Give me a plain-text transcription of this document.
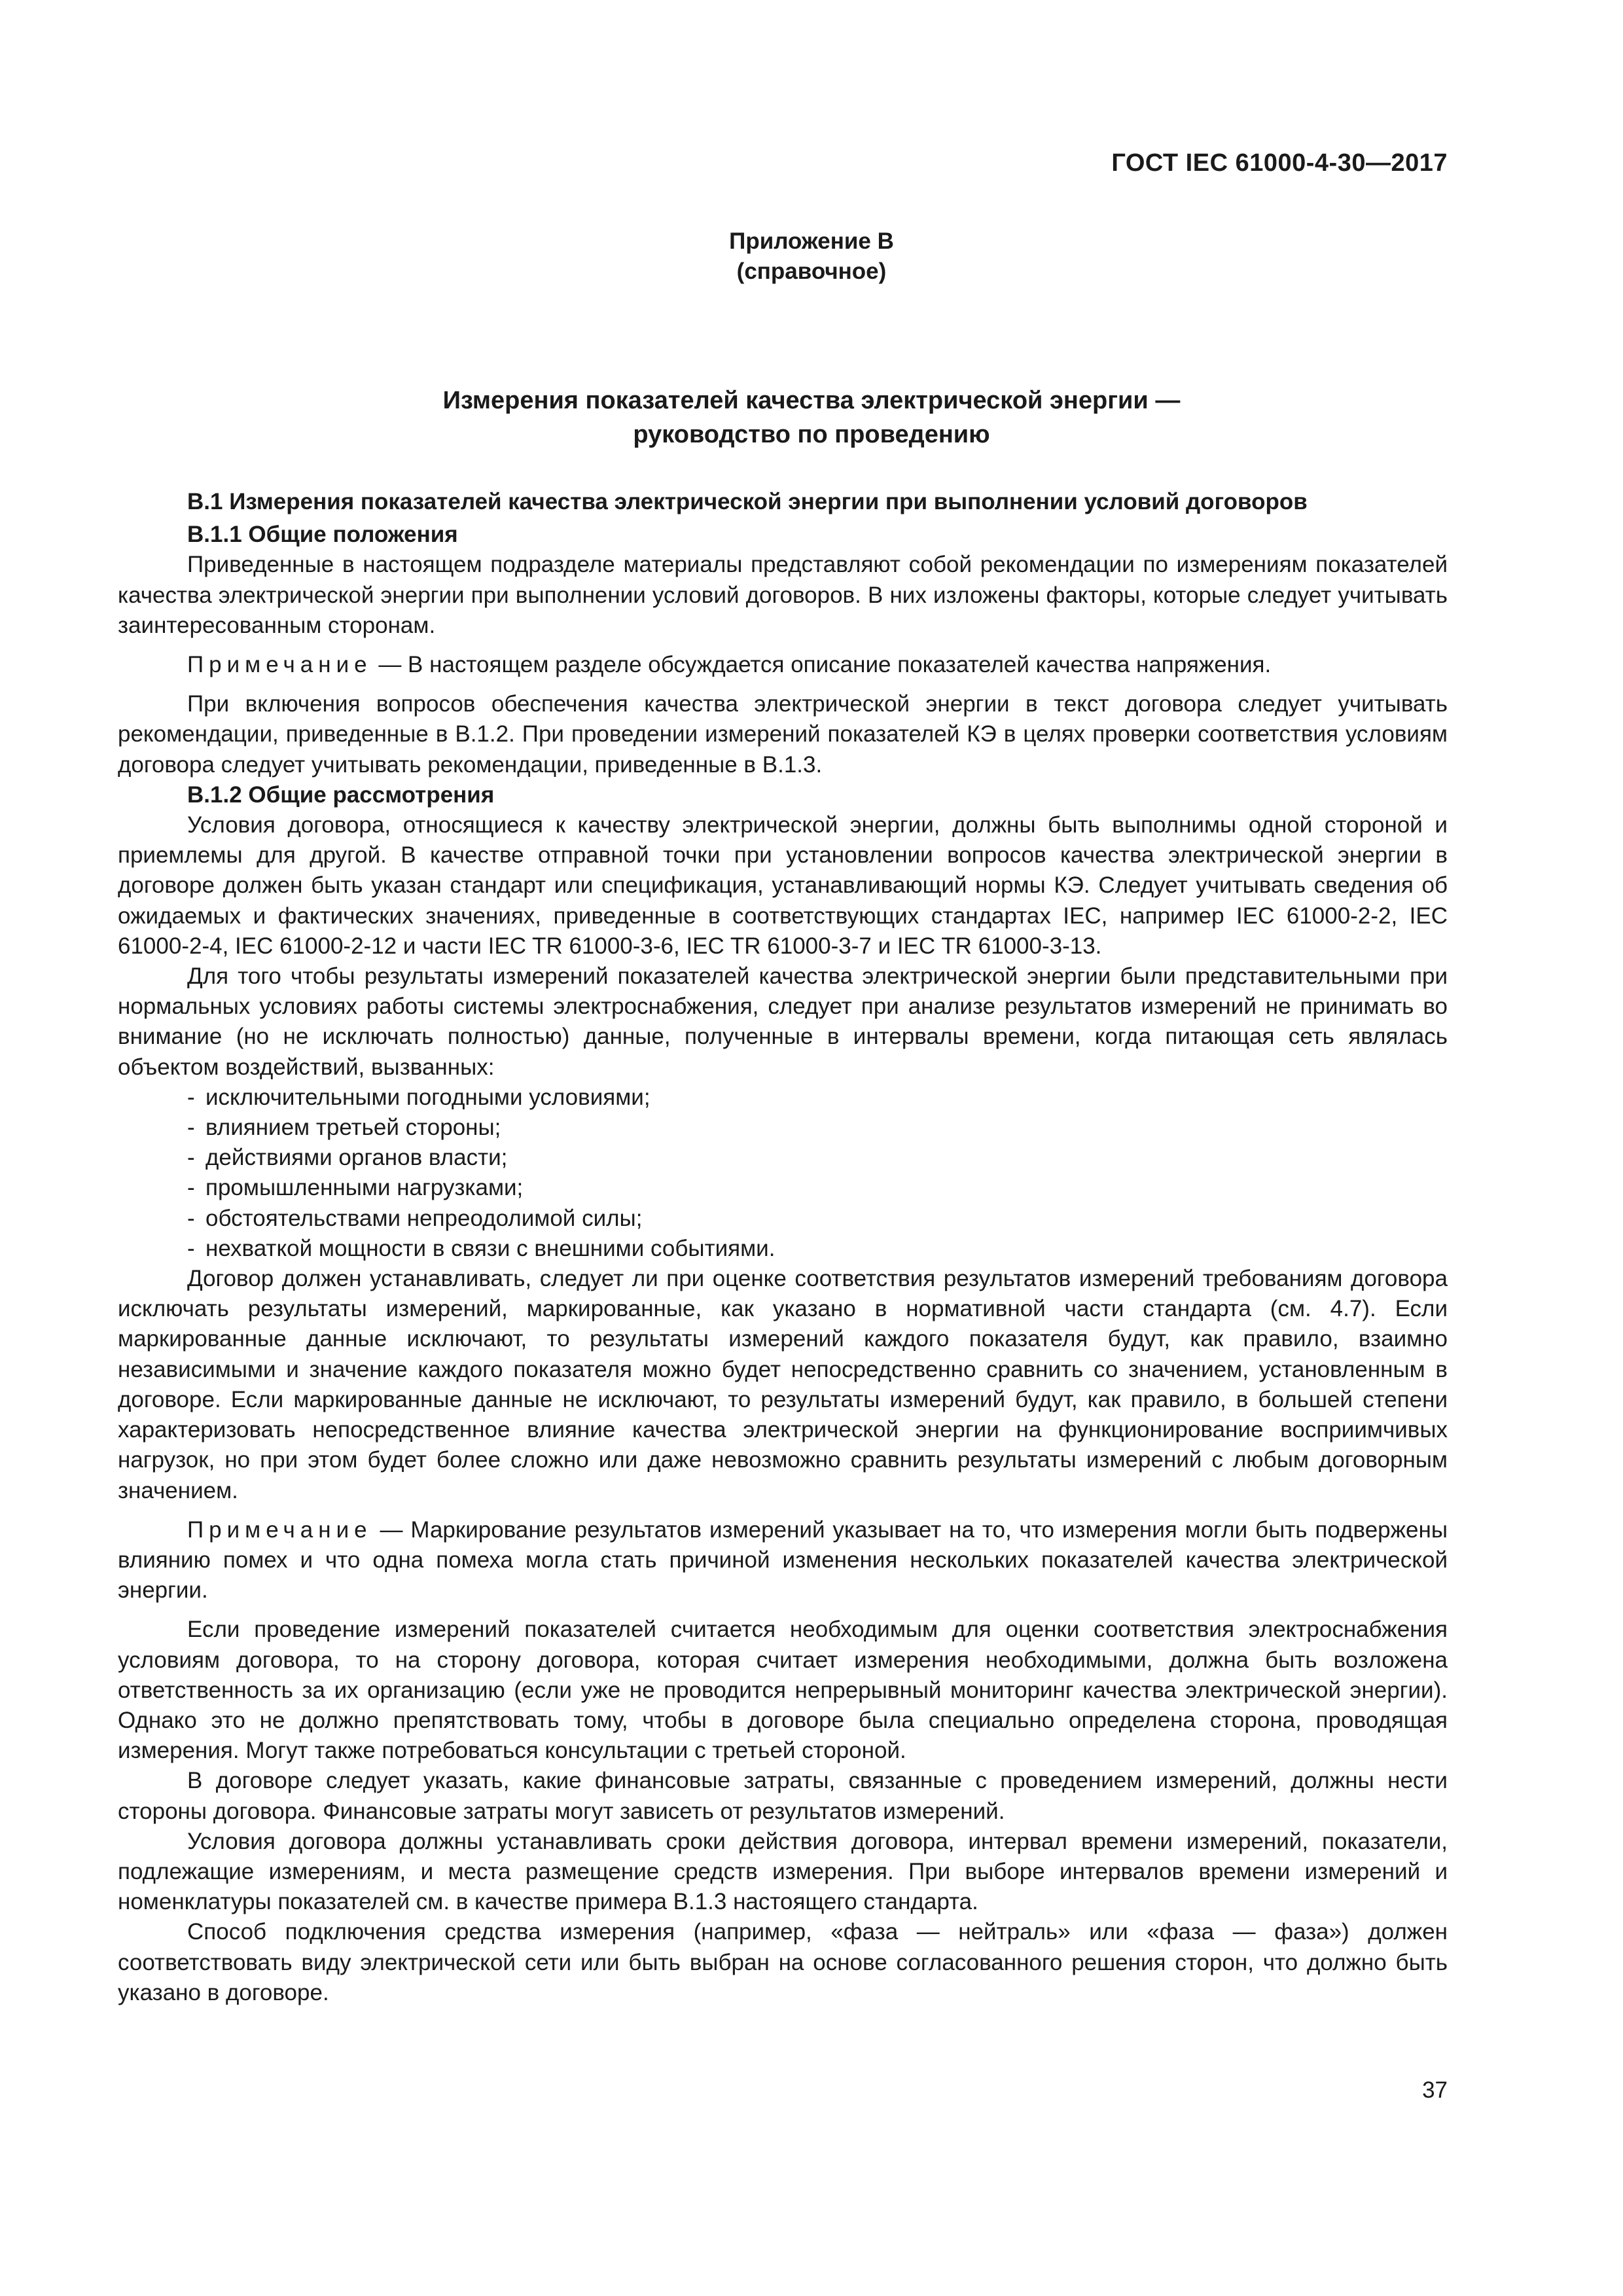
ГОСТ IEC 61000-4-30—2017
Приложение В
(справочное)
Измерения показателей качества электрической энергии —
руководство по проведению
В.1 Измерения показателей качества электрической энергии при выполнении условий договоров
В.1.1 Общие положения

Приведенные в настоящем подразделе материалы представляют собой рекомендации по измерениям показателей качества электрической энергии при выполнении условий договоров. В них изложены факторы, которые следует учитывать заинтересованным сторонам.

Примечание — В настоящем разделе обсуждается описание показателей качества напряжения.

При включения вопросов обеспечения качества электрической энергии в текст договора следует учитывать рекомендации, приведенные в В.1.2. При проведении измерений показателей КЭ в целях проверки соответствия условиям договора следует учитывать рекомендации, приведенные в В.1.3.

В.1.2 Общие рассмотрения

Условия договора, относящиеся к качеству электрической энергии, должны быть выполнимы одной стороной и приемлемы для другой. В качестве отправной точки при установлении вопросов качества электрической энергии в договоре должен быть указан стандарт или спецификация, устанавливающий нормы КЭ. Следует учитывать сведения об ожидаемых и фактических значениях, приведенные в соответствующих стандартах IEC, например IEC 61000-2-2, IEC 61000-2-4, IEC 61000-2-12 и части IEC TR 61000-3-6, IEC TR 61000-3-7 и IEC TR 61000-3-13.

Для того чтобы результаты измерений показателей качества электрической энергии были представительными при нормальных условиях работы системы электроснабжения, следует при анализе результатов измерений не принимать во внимание (но не исключать полностью) данные, полученные в интервалы времени, когда питающая сеть являлась объектом воздействий, вызванных:

- исключительными погодными условиями;
- влиянием третьей стороны;
- действиями органов власти;
- промышленными нагрузками;
- обстоятельствами непреодолимой силы;
- нехваткой мощности в связи с внешними событиями.

Договор должен устанавливать, следует ли при оценке соответствия результатов измерений требованиям договора исключать результаты измерений, маркированные, как указано в нормативной части стандарта (см. 4.7). Если маркированные данные исключают, то результаты измерений каждого показателя будут, как правило, взаимно независимыми и значение каждого показателя можно будет непосредственно сравнить со значением, установленным в договоре. Если маркированные данные не исключают, то результаты измерений будут, как правило, в большей степени характеризовать непосредственное влияние качества электрической энергии на функционирование восприимчивых нагрузок, но при этом будет более сложно или даже невозможно сравнить результаты измерений с любым договорным значением.

Примечание — Маркирование результатов измерений указывает на то, что измерения могли быть подвержены влиянию помех и что одна помеха могла стать причиной изменения нескольких показателей качества электрической энергии.

Если проведение измерений показателей считается необходимым для оценки соответствия электроснабжения условиям договора, то на сторону договора, которая считает измерения необходимыми, должна быть возложена ответственность за их организацию (если уже не проводится непрерывный мониторинг качества электрической энергии). Однако это не должно препятствовать тому, чтобы в договоре была специально определена сторона, проводящая измерения. Могут также потребоваться консультации с третьей стороной.

В договоре следует указать, какие финансовые затраты, связанные с проведением измерений, должны нести стороны договора. Финансовые затраты могут зависеть от результатов измерений.

Условия договора должны устанавливать сроки действия договора, интервал времени измерений, показатели, подлежащие измерениям, и места размещение средств измерения. При выборе интервалов времени измерений и номенклатуры показателей см. в качестве примера В.1.3 настоящего стандарта.

Способ подключения средства измерения (например, «фаза — нейтраль» или «фаза — фаза») должен соответствовать виду электрической сети или быть выбран на основе согласованного решения сторон, что должно быть указано в договоре.

37
